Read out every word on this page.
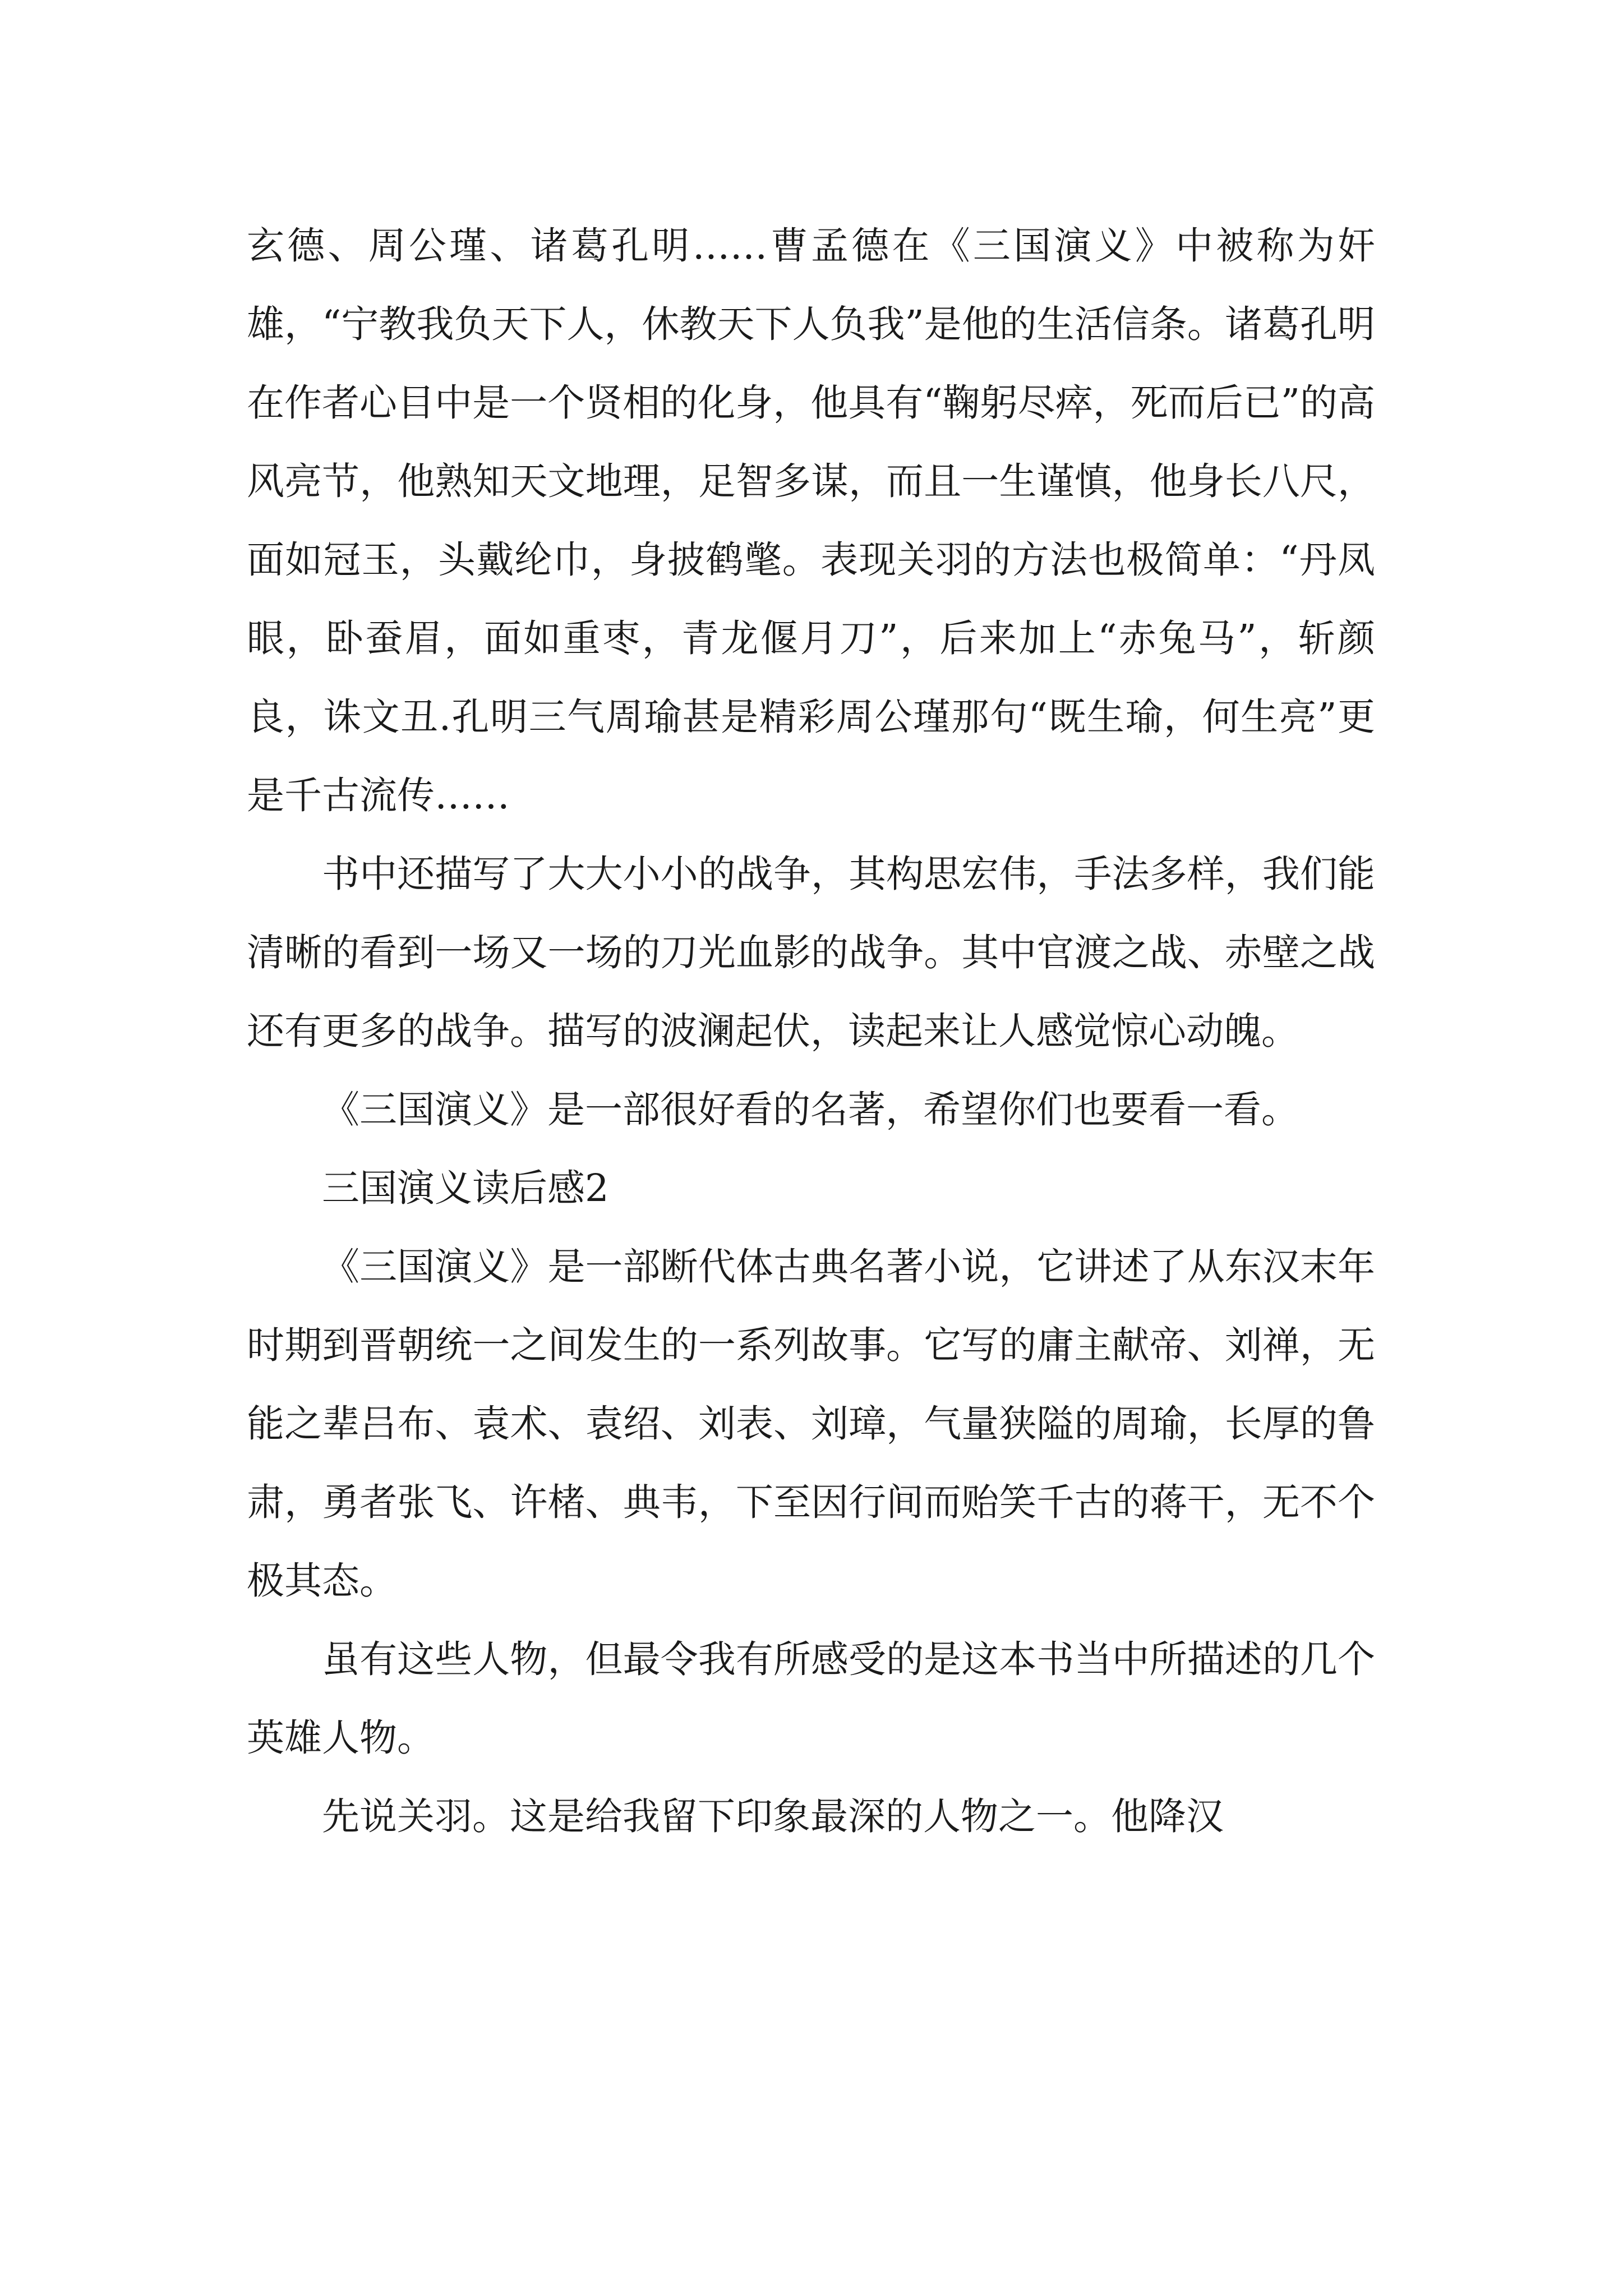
玄德、周公瑾、诸葛孔明……曹孟德在《三国演义》中被称为奸雄，“宁教我负天下人，休教天下人负我”是他的生活信条。诸葛孔明在作者心目中是一个贤相的化身，他具有“鞠躬尽瘁，死而后已”的高风亮节，他熟知天文地理，足智多谋，而且一生谨慎，他身长八尺，面如冠玉，头戴纶巾，身披鹤氅。表现关羽的方法也极简单：“丹凤眼，卧蚕眉，面如重枣，青龙偃月刀”，后来加上“赤兔马”，斩颜良，诛文丑.孔明三气周瑜甚是精彩周公瑾那句“既生瑜，何生亮”更是千古流传……

书中还描写了大大小小的战争，其构思宏伟，手法多样，我们能清晰的看到一场又一场的刀光血影的战争。其中官渡之战、赤壁之战还有更多的战争。描写的波澜起伏，读起来让人感觉惊心动魄。

《三国演义》是一部很好看的名著，希望你们也要看一看。

三国演义读后感2

《三国演义》是一部断代体古典名著小说，它讲述了从东汉末年时期到晋朝统一之间发生的一系列故事。它写的庸主献帝、刘禅，无能之辈吕布、袁术、袁绍、刘表、刘璋，气量狭隘的周瑜，长厚的鲁肃，勇者张飞、许楮、典韦，下至因行间而贻笑千古的蒋干，无不个极其态。

虽有这些人物，但最令我有所感受的是这本书当中所描述的几个英雄人物。

先说关羽。这是给我留下印象最深的人物之一。他降汉
